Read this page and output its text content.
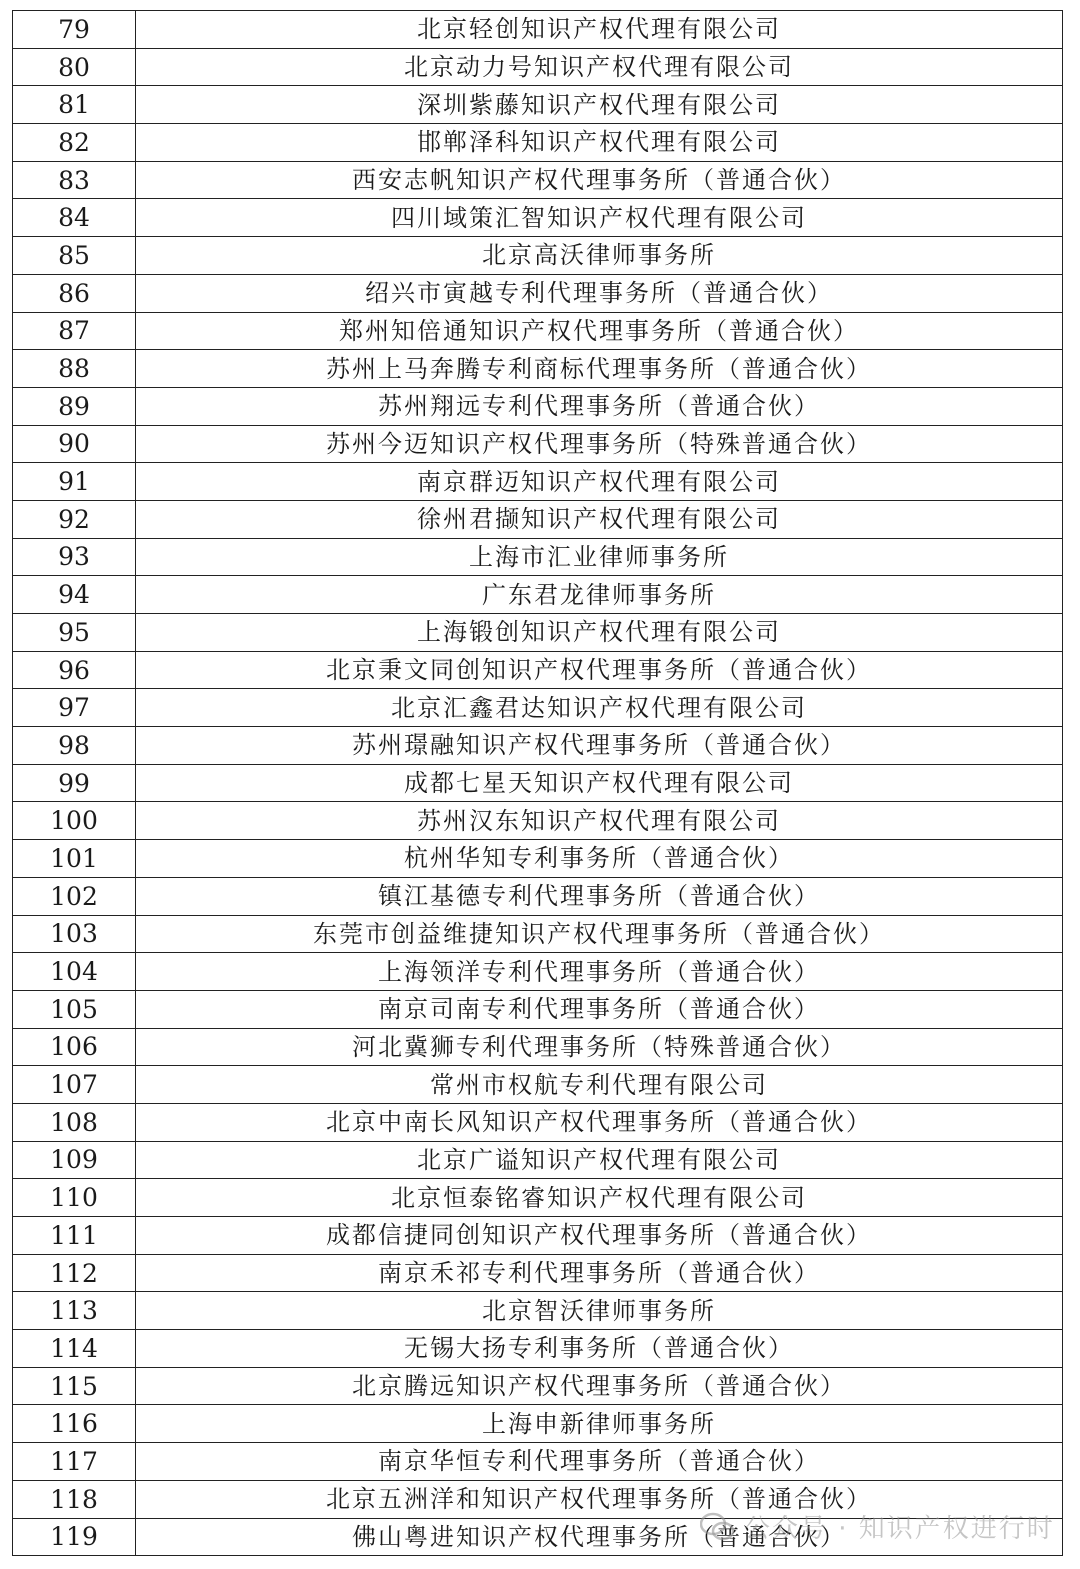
79	北京轻创知识产权代理有限公司
80	北京动力号知识产权代理有限公司
81	深圳紫藤知识产权代理有限公司
82	邯郸泽科知识产权代理有限公司
83	西安志帆知识产权代理事务所（普通合伙）
84	四川域策汇智知识产权代理有限公司
85	北京高沃律师事务所
86	绍兴市寅越专利代理事务所（普通合伙）
87	郑州知倍通知识产权代理事务所（普通合伙）
88	苏州上马奔腾专利商标代理事务所（普通合伙）
89	苏州翔远专利代理事务所（普通合伙）
90	苏州今迈知识产权代理事务所（特殊普通合伙）
91	南京群迈知识产权代理有限公司
92	徐州君撷知识产权代理有限公司
93	上海市汇业律师事务所
94	广东君龙律师事务所
95	上海锻创知识产权代理有限公司
96	北京秉文同创知识产权代理事务所（普通合伙）
97	北京汇鑫君达知识产权代理有限公司
98	苏州璟融知识产权代理事务所（普通合伙）
99	成都七星天知识产权代理有限公司
100	苏州汉东知识产权代理有限公司
101	杭州华知专利事务所（普通合伙）
102	镇江基德专利代理事务所（普通合伙）
103	东莞市创益维捷知识产权代理事务所（普通合伙）
104	上海领洋专利代理事务所（普通合伙）
105	南京司南专利代理事务所（普通合伙）
106	河北冀狮专利代理事务所（特殊普通合伙）
107	常州市权航专利代理有限公司
108	北京中南长风知识产权代理事务所（普通合伙）
109	北京广谥知识产权代理有限公司
110	北京恒泰铭睿知识产权代理有限公司
111	成都信捷同创知识产权代理事务所（普通合伙）
112	南京禾祁专利代理事务所（普通合伙）
113	北京智沃律师事务所
114	无锡大扬专利事务所（普通合伙）
115	北京腾远知识产权代理事务所（普通合伙）
116	上海申新律师事务所
117	南京华恒专利代理事务所（普通合伙）
118	北京五洲洋和知识产权代理事务所（普通合伙）
119	佛山粤进知识产权代理事务所（普通合伙）
公众号 · 知识产权进行时
